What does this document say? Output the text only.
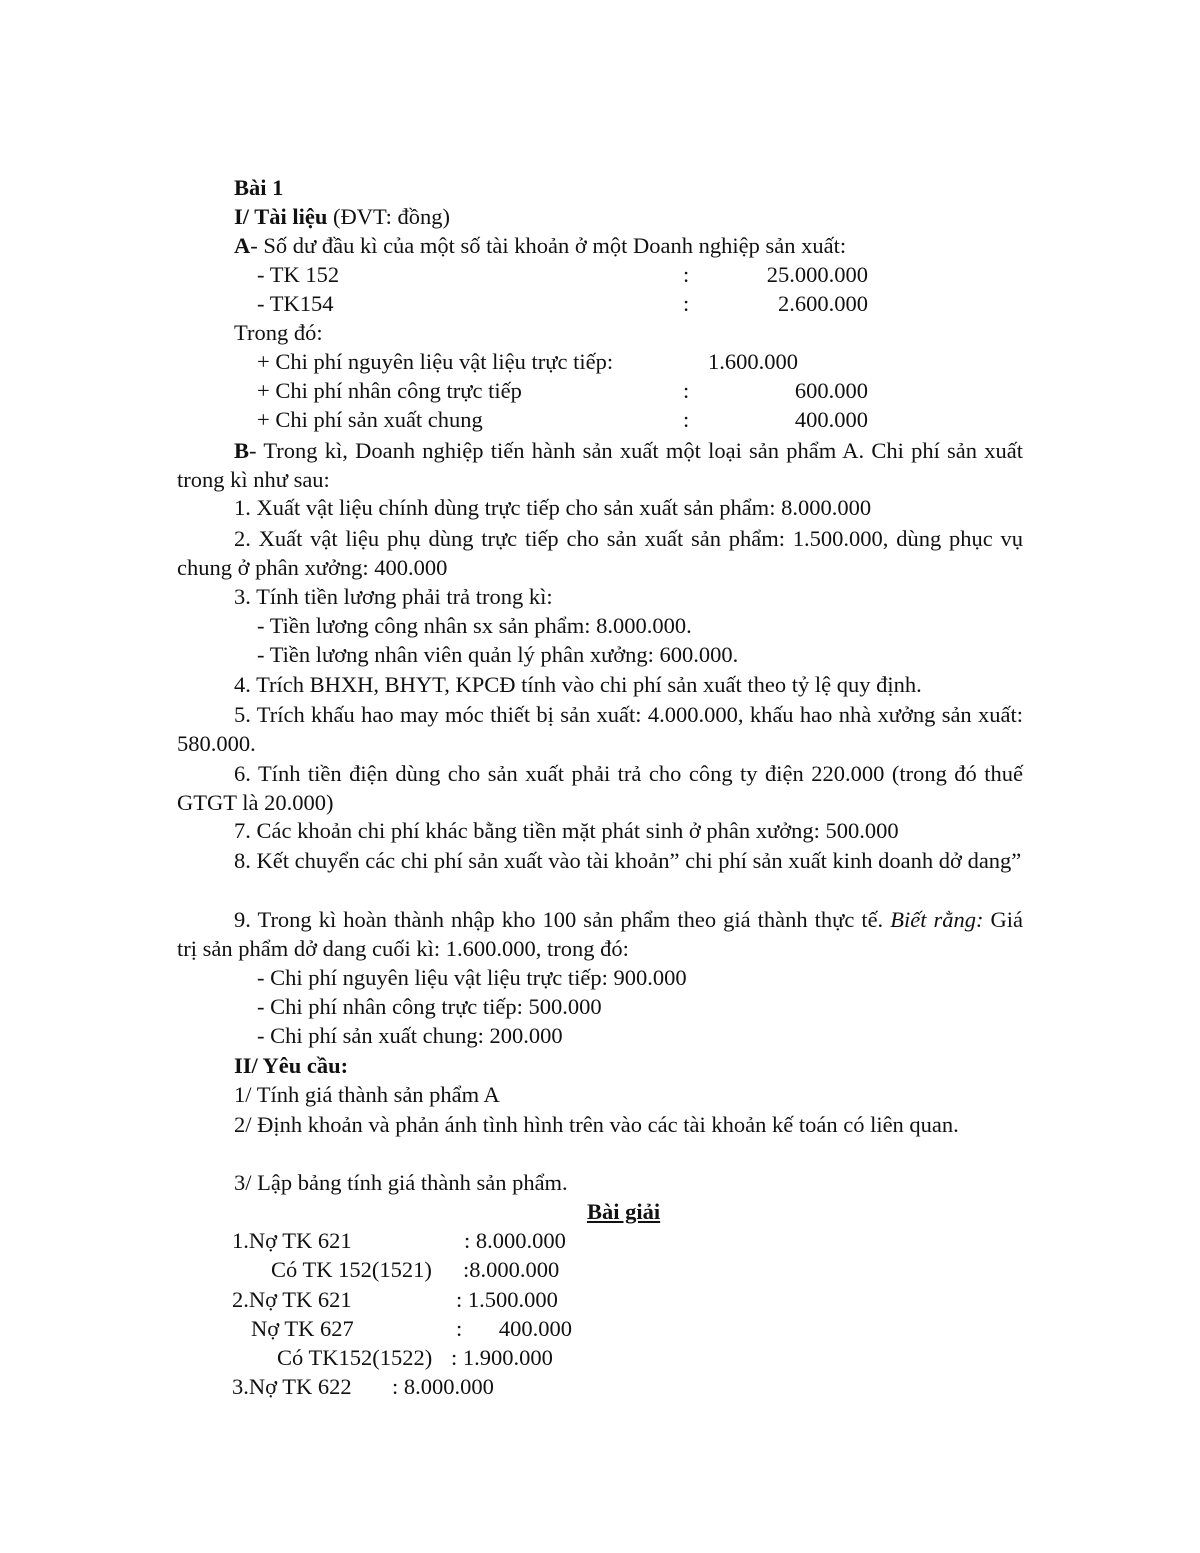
Bài 1
I/ Tài liệu (ĐVT: đồng)
A- Số dư đầu kì của một số tài khoản ở một Doanh nghiệp sản xuất:
- TK 152	:	25.000.000
- TK154	:	2.600.000
Trong đó:
+ Chi phí nguyên liệu vật liệu trực tiếp:	1.600.000
+ Chi phí nhân công trực tiếp	:	600.000
+ Chi phí sản xuất chung	:	400.000
B- Trong kì, Doanh nghiệp tiến hành sản xuất một loại sản phẩm A. Chi phí sản xuất trong kì như sau:
1. Xuất vật liệu chính dùng trực tiếp cho sản xuất sản phẩm: 8.000.000
2. Xuất vật liệu phụ dùng trực tiếp cho sản xuất sản phẩm: 1.500.000, dùng phục vụ chung ở phân xưởng: 400.000
3. Tính tiền lương phải trả trong kì:
- Tiền lương công nhân sx sản phẩm: 8.000.000.
- Tiền lương nhân viên quản lý phân xưởng: 600.000.
4. Trích BHXH, BHYT, KPCĐ tính vào chi phí sản xuất theo tỷ lệ quy định.
5. Trích khấu hao may móc thiết bị sản xuất: 4.000.000, khấu hao nhà xưởng sản xuất: 580.000.
6. Tính tiền điện dùng cho sản xuất phải trả cho công ty điện 220.000 (trong đó thuế GTGT là 20.000)
7. Các khoản chi phí khác bằng tiền mặt phát sinh ở phân xưởng: 500.000
8. Kết chuyển các chi phí sản xuất vào tài khoản” chi phí sản xuất kinh doanh dở dang”
9. Trong kì hoàn thành nhập kho 100 sản phẩm theo giá thành thực tế. Biết rằng: Giá trị sản phẩm dở dang cuối kì: 1.600.000, trong đó:
- Chi phí nguyên liệu vật liệu trực tiếp: 900.000
- Chi phí nhân công trực tiếp: 500.000
- Chi phí sản xuất chung: 200.000
II/ Yêu cầu:
1/ Tính giá thành sản phẩm A
2/ Định khoản và phản ánh tình hình trên vào các tài khoản kế toán có liên quan.
3/ Lập bảng tính giá thành sản phẩm.
Bài giải
1.Nợ TK 621	: 8.000.000
Có TK 152(1521) :8.000.000
2.Nợ TK 621	: 1.500.000
Nợ TK 627	:	400.000
Có TK152(1522) : 1.900.000
3.Nợ TK 622 : 8.000.000
